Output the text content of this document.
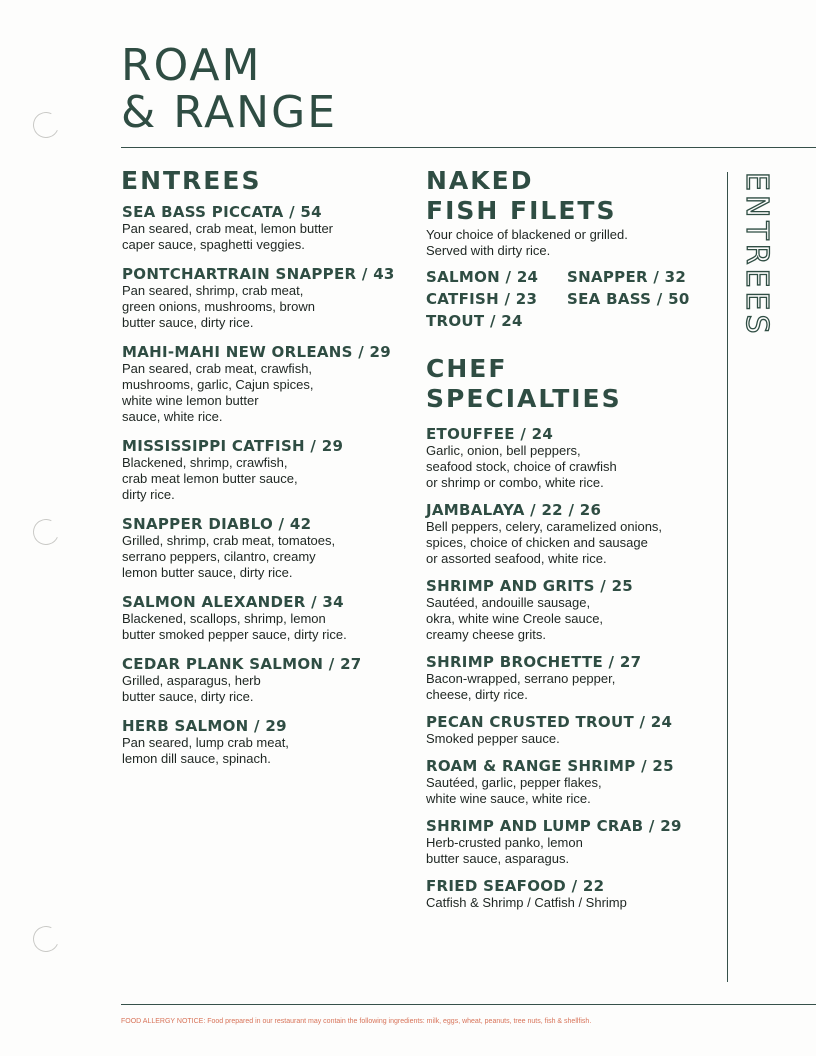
ROAM
& RANGE
ENTREES
SEA BASS PICCATA / 54
Pan seared, crab meat, lemon butter
caper sauce, spaghetti veggies.
PONTCHARTRAIN SNAPPER / 43
Pan seared, shrimp, crab meat,
green onions, mushrooms, brown
butter sauce, dirty rice.
MAHI-MAHI NEW ORLEANS / 29
Pan seared, crab meat, crawfish,
mushrooms, garlic, Cajun spices,
white wine lemon butter
sauce, white rice.
MISSISSIPPI CATFISH / 29
Blackened, shrimp, crawfish,
crab meat lemon butter sauce,
dirty rice.
SNAPPER DIABLO / 42
Grilled, shrimp, crab meat, tomatoes,
serrano peppers, cilantro, creamy
lemon butter sauce, dirty rice.
SALMON ALEXANDER / 34
Blackened, scallops, shrimp, lemon
butter smoked pepper sauce, dirty rice.
CEDAR PLANK SALMON / 27
Grilled, asparagus, herb
butter sauce, dirty rice.
HERB SALMON / 29
Pan seared, lump crab meat,
lemon dill sauce, spinach.
NAKED
FISH FILETS
Your choice of blackened or grilled.
Served with dirty rice.
SALMON / 24	SNAPPER / 32
CATFISH / 23	SEA BASS / 50
TROUT / 24
CHEF
SPECIALTIES
ETOUFFEE / 24
Garlic, onion, bell peppers,
seafood stock, choice of crawfish
or shrimp or combo, white rice.
JAMBALAYA / 22 / 26
Bell peppers, celery, caramelized onions,
spices, choice of chicken and sausage
or assorted seafood, white rice.
SHRIMP AND GRITS / 25
Sautéed, andouille sausage,
okra, white wine Creole sauce,
creamy cheese grits.
SHRIMP BROCHETTE / 27
Bacon-wrapped, serrano pepper,
cheese, dirty rice.
PECAN CRUSTED TROUT / 24
Smoked pepper sauce.
ROAM & RANGE SHRIMP / 25
Sautéed, garlic, pepper flakes,
white wine sauce, white rice.
SHRIMP AND LUMP CRAB / 29
Herb-crusted panko, lemon
butter sauce, asparagus.
FRIED SEAFOOD / 22
Catfish & Shrimp / Catfish / Shrimp
ENTREES
FOOD ALLERGY NOTICE: Food prepared in our restaurant may contain the following ingredients: milk, eggs, wheat, peanuts, tree nuts, fish & shellfish.
